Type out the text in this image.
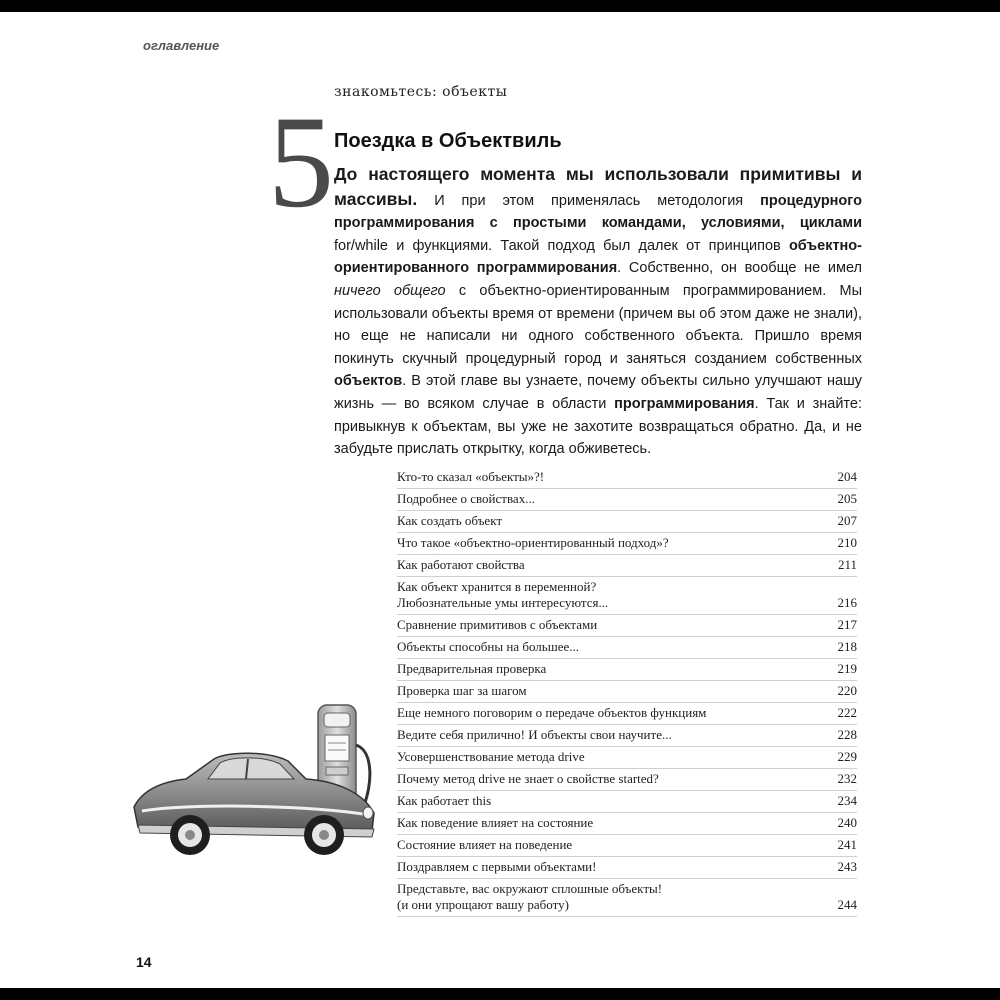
оглавление
знакомьтесь: объекты
5 Поездка в Объектвиль
До настоящего момента мы использовали примитивы и массивы. И при этом применялась методология процедурного программирования с простыми командами, условиями, циклами for/while и функциями. Такой подход был далек от принципов объектно-ориентированного программирования. Собственно, он вообще не имел ничего общего с объектно-ориентированным программированием. Мы использовали объекты время от времени (причем вы об этом даже не знали), но еще не написали ни одного собственного объекта. Пришло время покинуть скучный процедурный город и заняться созданием собственных объектов. В этой главе вы узнаете, почему объекты сильно улучшают нашу жизнь — во всяком случае в области программирования. Так и знайте: привыкнув к объектам, вы уже не захотите возвращаться обратно. Да, и не забудьте прислать открытку, когда обживетесь.
Кто-то сказал «объекты»?!	204
Подробнее о свойствах...	205
Как создать объект	207
Что такое «объектно-ориентированный подход»?	210
Как работают свойства	211
Как объект хранится в переменной?
Любознательные умы интересуются...	216
Сравнение примитивов с объектами	217
Объекты способны на большее...	218
Предварительная проверка	219
Проверка шаг за шагом	220
Еще немного поговорим о передаче объектов функциям	222
Ведите себя прилично! И объекты свои научите...	228
Усовершенствование метода drive	229
Почему метод drive не знает о свойстве started?	232
Как работает this	234
Как поведение влияет на состояние	240
Состояние влияет на поведение	241
Поздравляем с первыми объектами!	243
Представьте, вас окружают сплошные объекты!
(и они упрощают вашу работу)	244
14
